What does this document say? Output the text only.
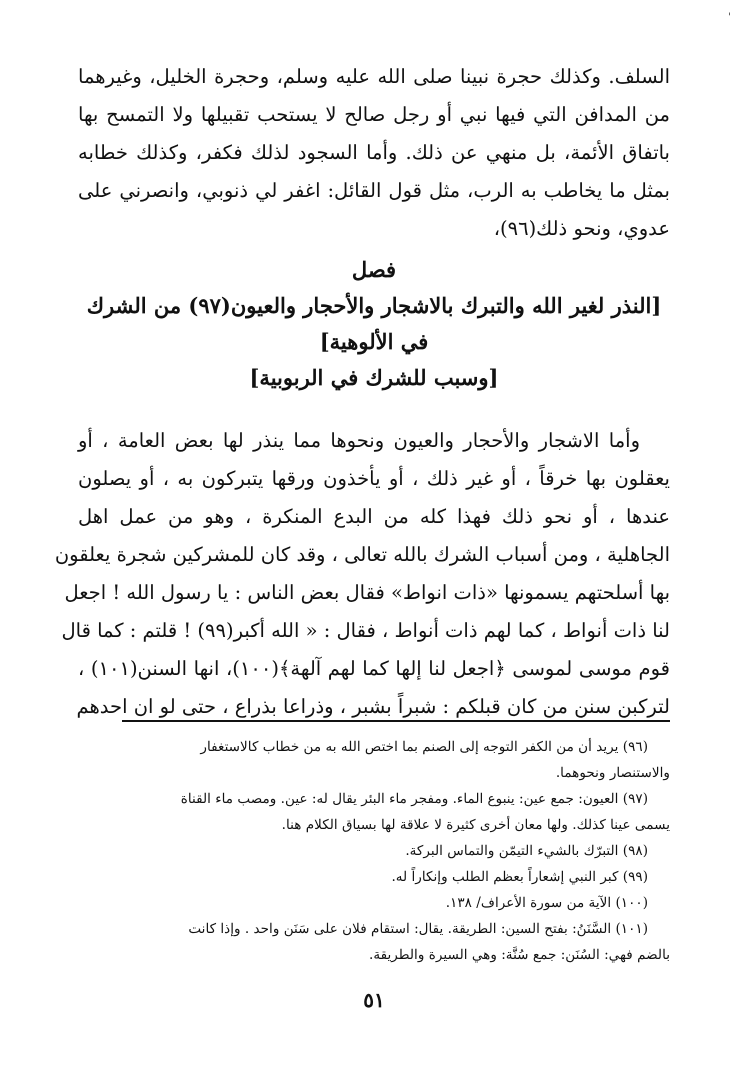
'
السلف. وكذلك حجرة نبينا صلى الله عليه وسلم، وحجرة الخليل، وغيرهما
من المدافن التي فيها نبي أو رجل صالح لا يستحب تقبيلها ولا التمسح بها
باتفاق الأئمة، بل منهي عن ذلك. وأما السجود لذلك فكفر، وكذلك خطابه
بمثل ما يخاطب به الرب، مثل قول القائل: اغفر لي ذنوبي، وانصرني على
عدوي، ونحو ذلك(٩٦)،
فصل
[النذر لغير الله والتبرك بالاشجار والأحجار والعيون(٩٧) من الشرك
في الألوهية]
[وسبب للشرك في الربوبية]
وأما الاشجار والأحجار والعيون ونحوها مما ينذر لها بعض العامة ، أو
يعقلون بها خرقاً ، أو غير ذلك ، أو يأخذون ورقها يتبركون به ، أو يصلون
عندها ، أو نحو ذلك فهذا كله من البدع المنكرة ، وهو من عمل اهل
الجاهلية ، ومن أسباب الشرك بالله تعالى ، وقد كان للمشركين شجرة يعلقون
بها أسلحتهم يسمونها «ذات انواط» فقال بعض الناس : يا رسول الله ! اجعل
لنا ذات أنواط ، كما لهم ذات أنواط ، فقال : « الله أكبر(٩٩) ! قلتم : كما قال
قوم موسى لموسى ﴿اجعل لنا إلها كما لهم آلهة﴾(١٠٠)، انها السنن(١٠١) ،
لتركبن سنن من كان قبلكم : شبراً بشبر ، وذراعا بذراع ، حتى لو ان احدهم
(٩٦) يريد أن من الكفر التوجه إلى الصنم بما اختص الله به من خطاب كالاستغفار
والاستنصار ونحوهما.
(٩٧) العيون: جمع عين: ينبوع الماء. ومفجر ماء البئر يقال له: عين. ومصب ماء القناة
يسمى عينا كذلك. ولها معان أخرى كثيرة لا علاقة لها بسياق الكلام هنا.
(٩٨) التبرّك بالشيء التيمّن والتماس البركة.
(٩٩) كبر النبي إشعاراً بعظم الطلب وإنكاراً له.
(١٠٠) الآية من سورة الأعراف/ ١٣٨.
(١٠١) السَّنَنُ: بفتح السين: الطريقة. يقال: استقام فلان على سَنَن واحد . وإذا كانت
بالضم فهي: السُنَن: جمع سُنَّة: وهي السيرة والطريقة.
٥١
